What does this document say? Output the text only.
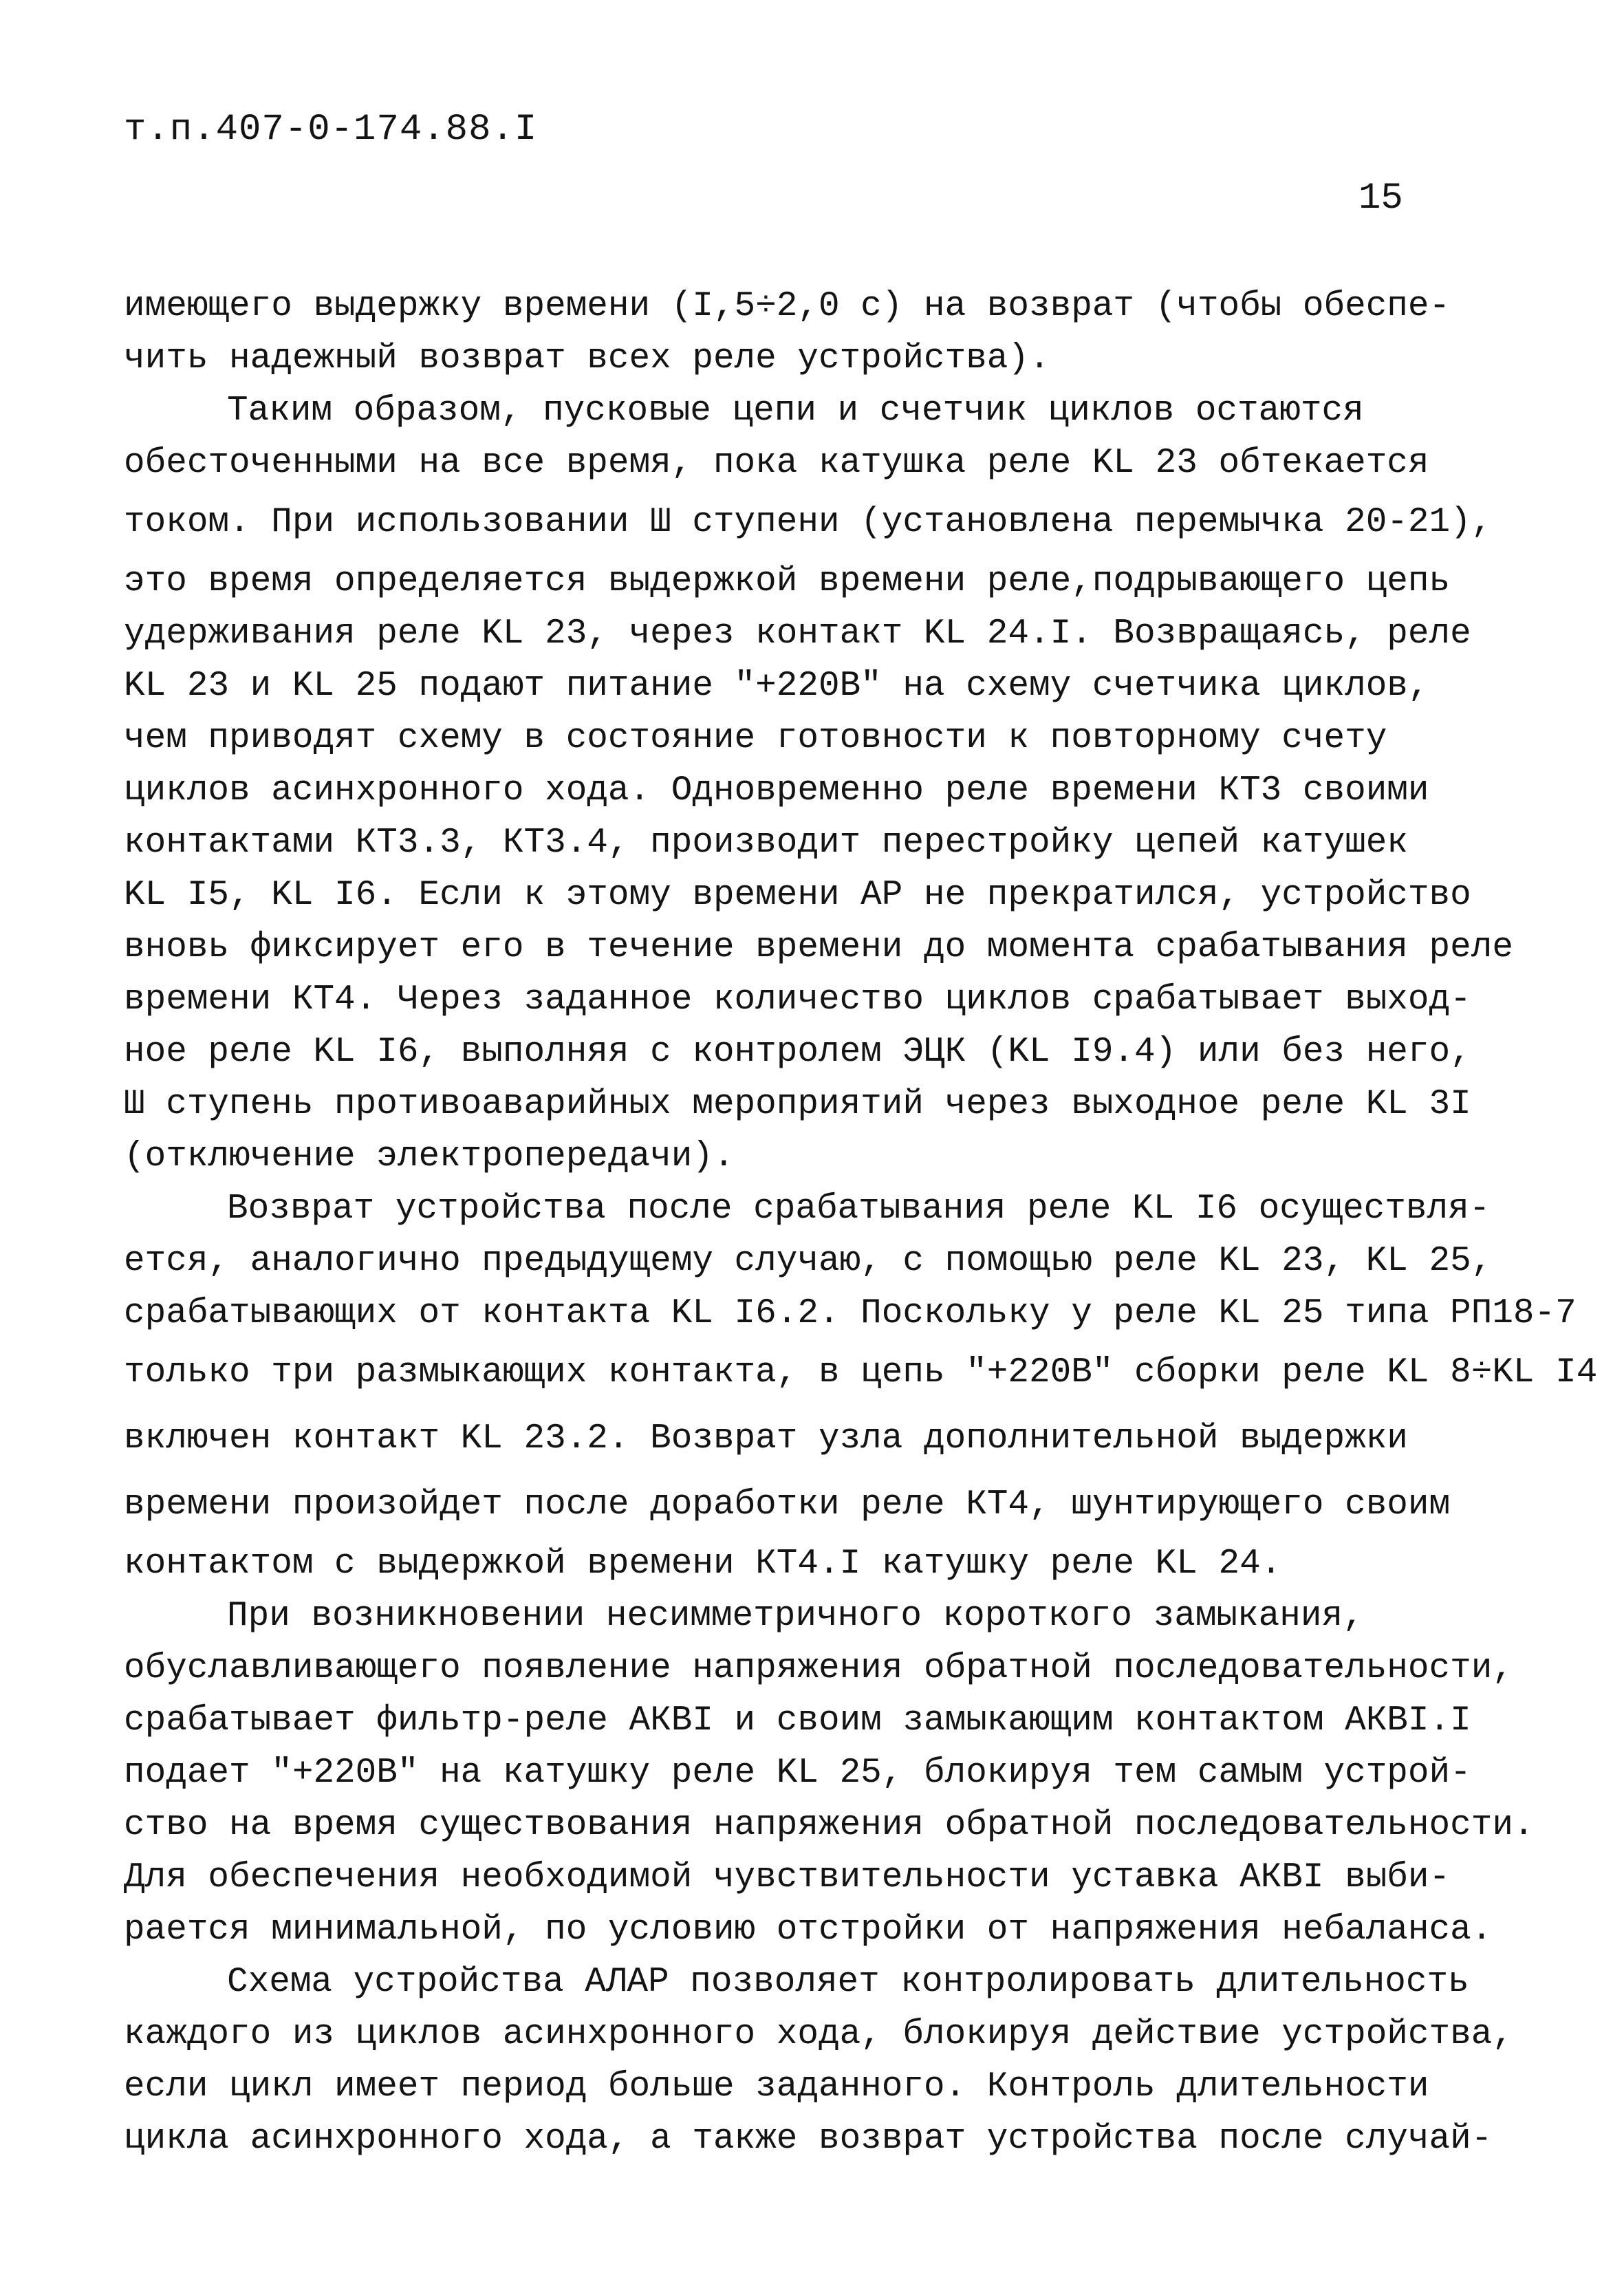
т.п.407-0-174.88.I
15
имеющего выдержку времени (I,5÷2,0 с) на возврат (чтобы обеспе-
чить надежный возврат всех реле устройства).
Таким образом, пусковые цепи и счетчик циклов остаются
обесточенными на все время, пока катушка реле KL 23 обтекается
током. При использовании Ш ступени (установлена перемычка 20-21),
это время определяется выдержкой времени реле,подрывающего цепь
удерживания реле KL 23, через контакт KL 24.I. Возвращаясь, реле
KL 23 и KL 25 подают питание "+220В" на схему счетчика циклов,
чем приводят схему в состояние готовности к повторному счету
циклов асинхронного хода. Одновременно реле времени КТ3 своими
контактами КТ3.3, КТ3.4, производит перестройку цепей катушек
KL I5, KL I6. Если к этому времени АР не прекратился, устройство
вновь фиксирует его в течение времени до момента срабатывания реле
времени КТ4. Через заданное количество циклов срабатывает выход-
ное реле KL I6, выполняя с контролем ЭЦК (KL I9.4) или без него,
Ш ступень противоаварийных мероприятий через выходное реле KL 3I
(отключение электропередачи).
Возврат устройства после срабатывания реле KL I6 осуществля-
ется, аналогично предыдущему случаю, с помощью реле KL 23, KL 25,
срабатывающих от контакта KL I6.2. Поскольку у реле KL 25 типа РП18-7
только три размыкающих контакта, в цепь "+220В" сборки реле KL 8÷KL I4
включен контакт KL 23.2. Возврат узла дополнительной выдержки
времени произойдет после доработки реле КТ4, шунтирующего своим
контактом с выдержкой времени КТ4.I катушку реле KL 24.
При возникновении несимметричного короткого замыкания,
обуславливающего появление напряжения обратной последовательности,
срабатывает фильтр-реле АКВI и своим замыкающим контактом АКВI.I
подает "+220В" на катушку реле KL 25, блокируя тем самым устрой-
ство на время существования напряжения обратной последовательности.
Для обеспечения необходимой чувствительности уставка АКВI выби-
рается минимальной, по условию отстройки от напряжения небаланса.
Схема устройства АЛАР позволяет контролировать длительность
каждого из циклов асинхронного хода, блокируя действие устройства,
если цикл имеет период больше заданного. Контроль длительности
цикла асинхронного хода, а также возврат устройства после случай-
